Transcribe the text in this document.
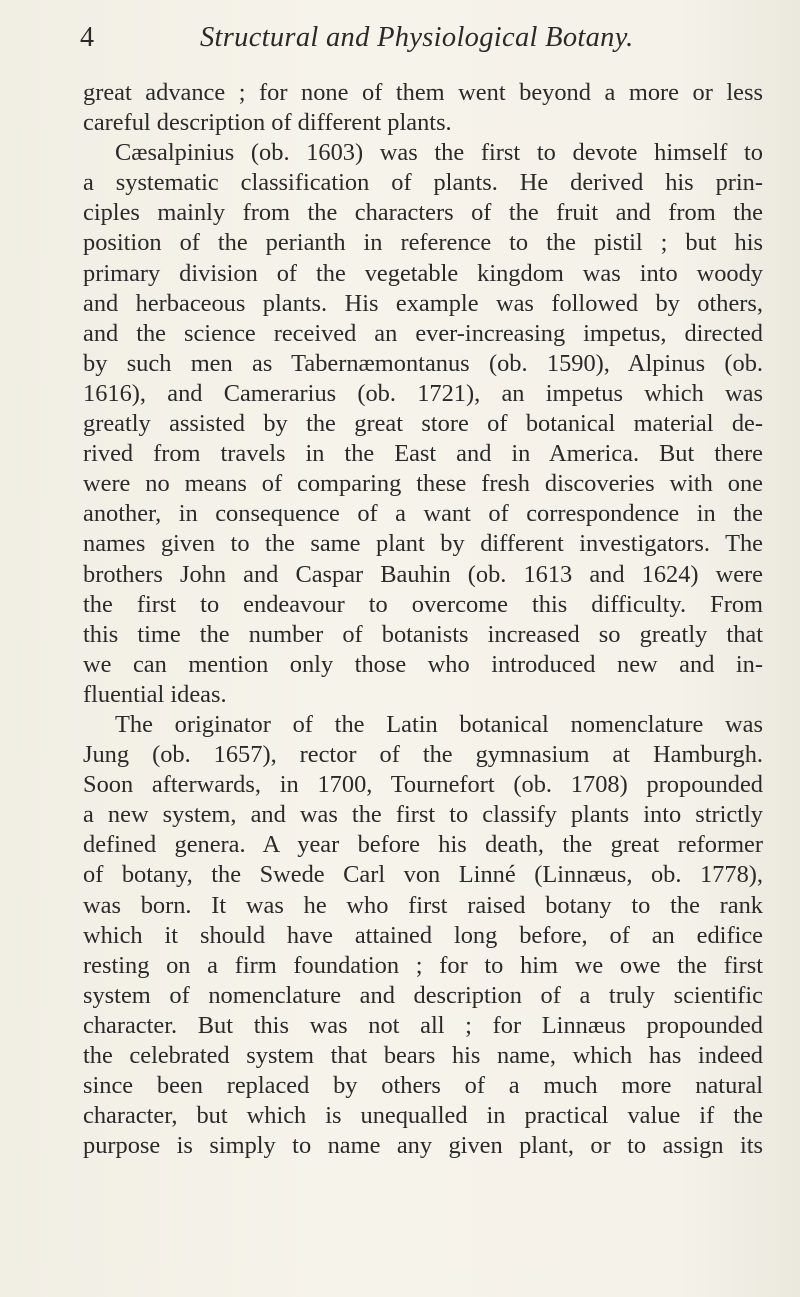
4	Structural and Physiological Botany.
great advance ; for none of them went beyond a more or less
careful description of different plants.
Cæsalpinius (ob. 1603) was the first to devote himself to
a systematic classification of plants. He derived his prin-
ciples mainly from the characters of the fruit and from the
position of the perianth in reference to the pistil ; but his
primary division of the vegetable kingdom was into woody
and herbaceous plants. His example was followed by others,
and the science received an ever-increasing impetus, directed
by such men as Tabernæmontanus (ob. 1590), Alpinus (ob.
1616), and Camerarius (ob. 1721), an impetus which was
greatly assisted by the great store of botanical material de-
rived from travels in the East and in America. But there
were no means of comparing these fresh discoveries with one
another, in consequence of a want of correspondence in the
names given to the same plant by different investigators. The
brothers John and Caspar Bauhin (ob. 1613 and 1624) were
the first to endeavour to overcome this difficulty. From
this time the number of botanists increased so greatly that
we can mention only those who introduced new and in-
fluential ideas.
The originator of the Latin botanical nomenclature was
Jung (ob. 1657), rector of the gymnasium at Hamburgh.
Soon afterwards, in 1700, Tournefort (ob. 1708) propounded
a new system, and was the first to classify plants into strictly
defined genera. A year before his death, the great reformer
of botany, the Swede Carl von Linné (Linnæus, ob. 1778),
was born. It was he who first raised botany to the rank
which it should have attained long before, of an edifice
resting on a firm foundation ; for to him we owe the first
system of nomenclature and description of a truly scientific
character. But this was not all ; for Linnæus propounded
the celebrated system that bears his name, which has indeed
since been replaced by others of a much more natural
character, but which is unequalled in practical value if the
purpose is simply to name any given plant, or to assign its
